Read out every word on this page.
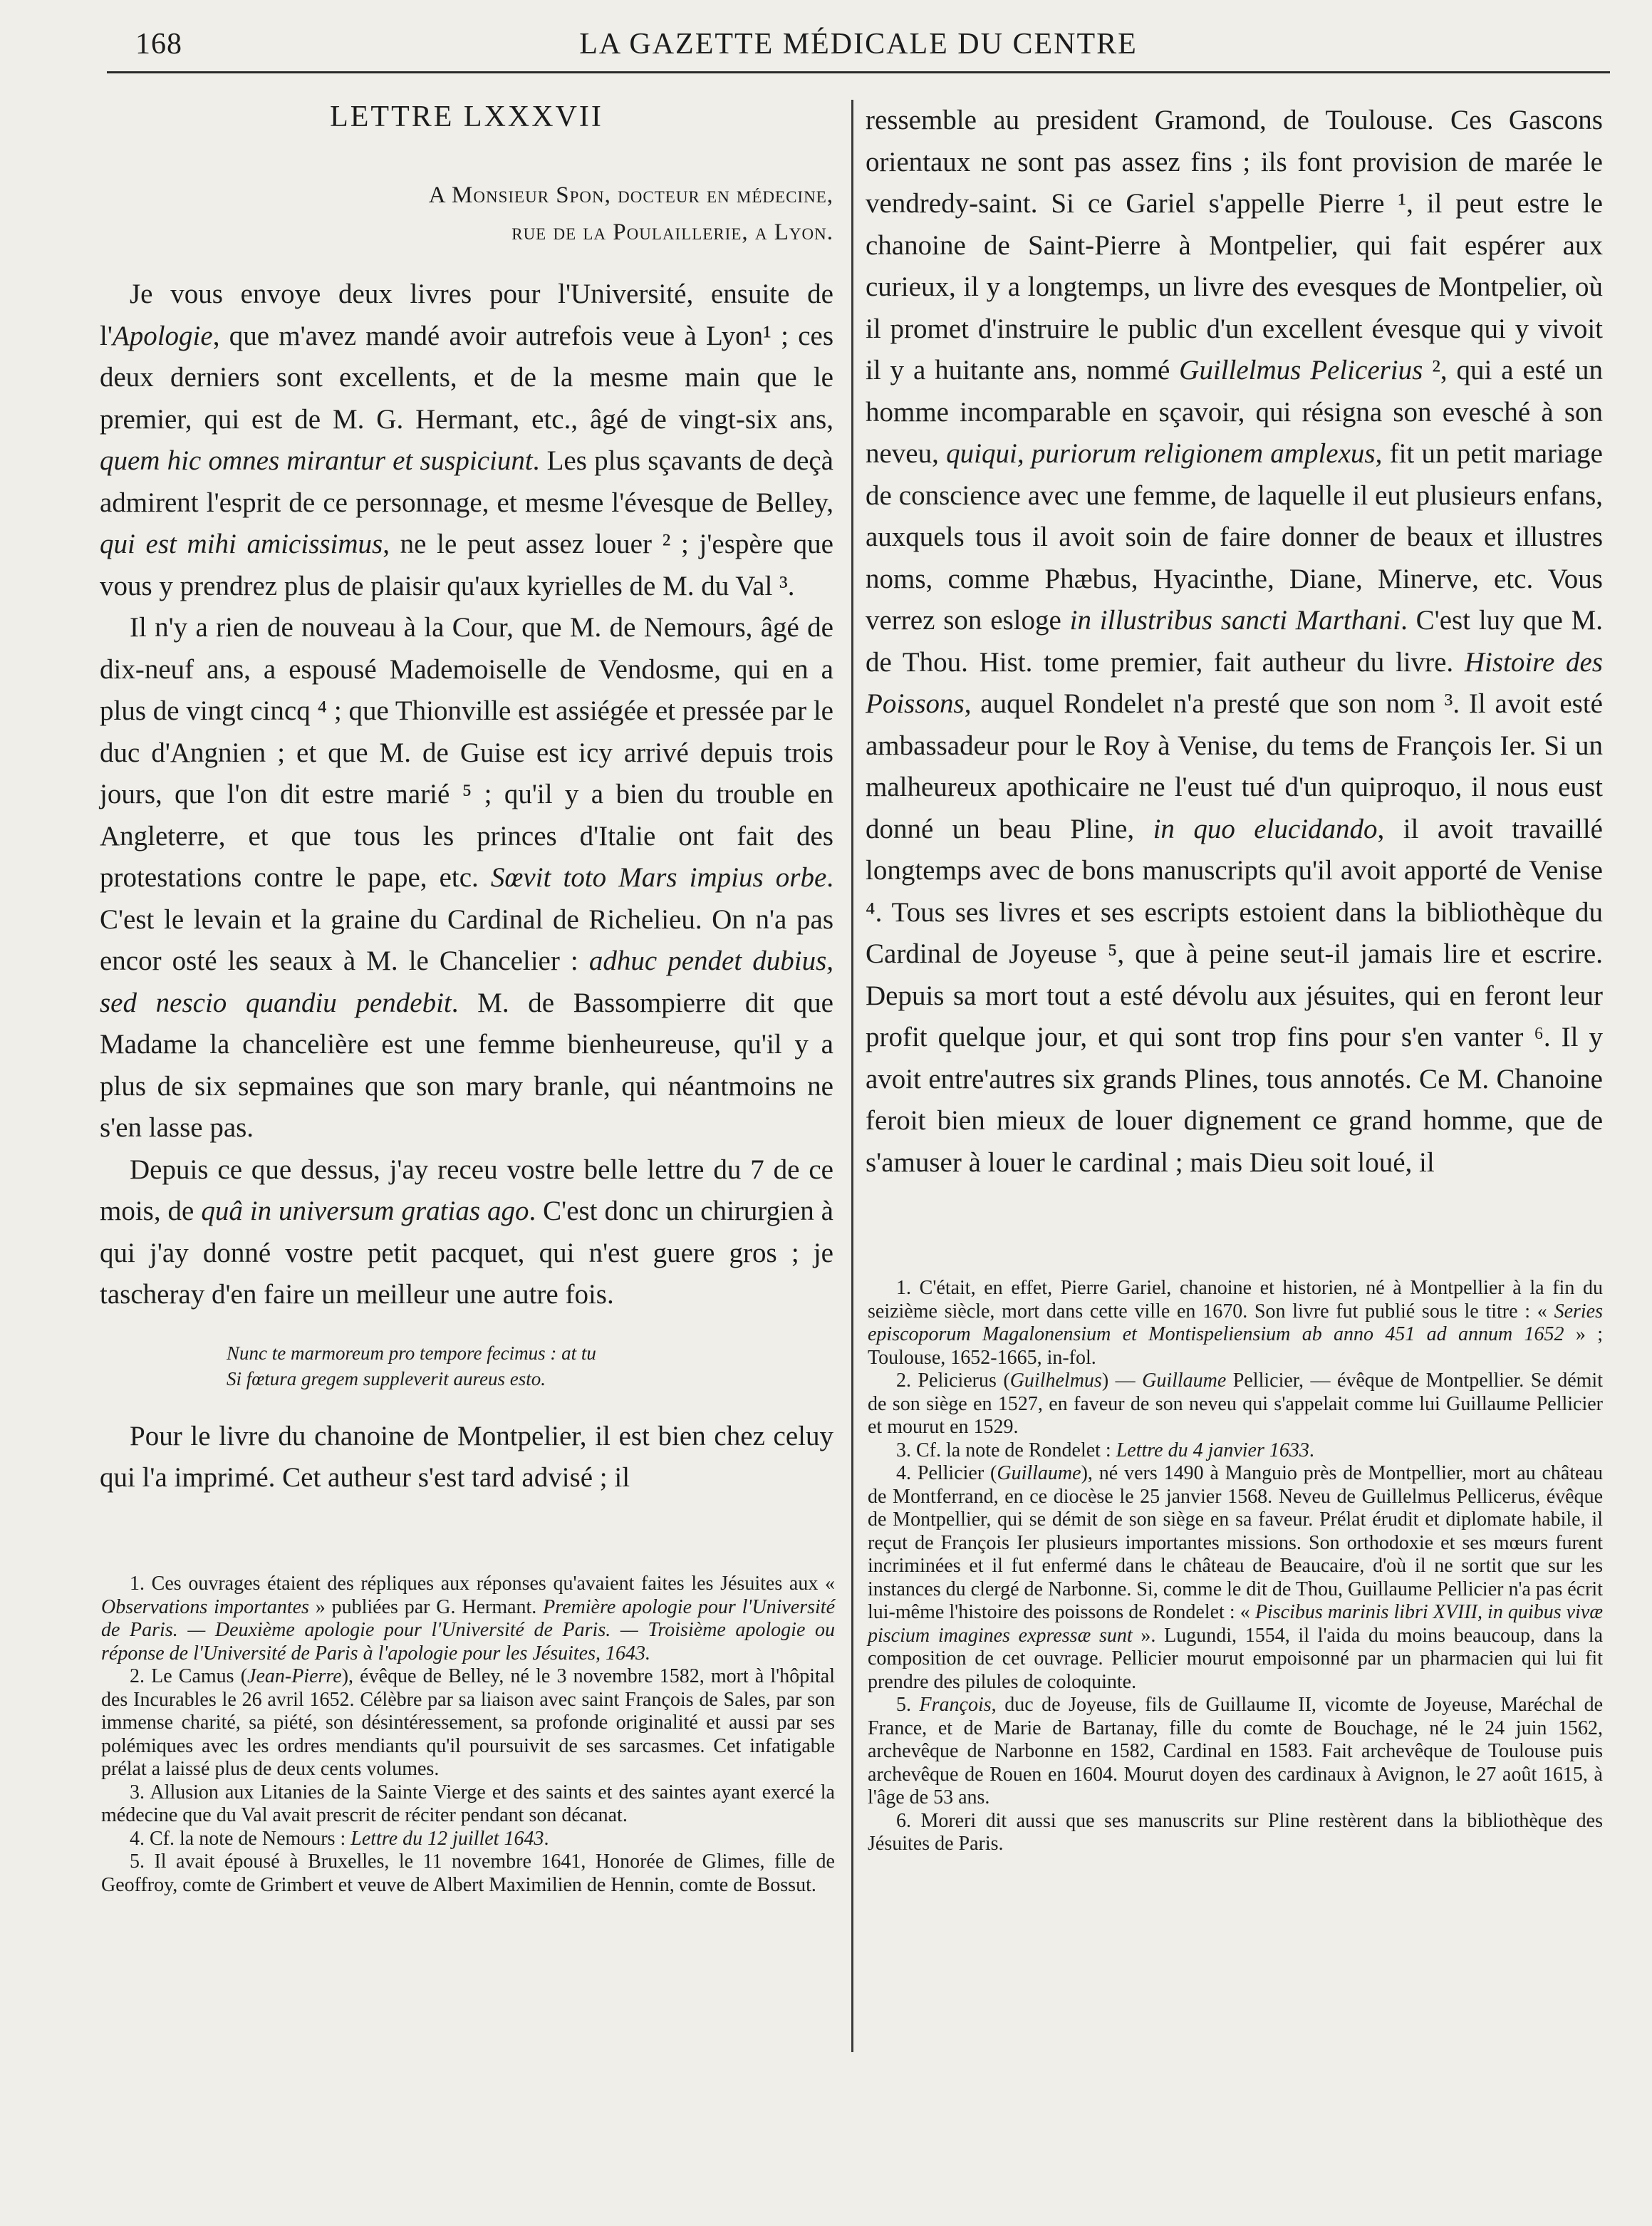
168	LA GAZETTE MÉDICALE DU CENTRE
LETTRE LXXXVII
A Monsieur Spon, docteur en médecine,
rue de la Poulaillerie, a Lyon.

Je vous envoye deux livres pour l'Université, ensuite de l'Apologie, que m'avez mandé avoir autrefois veue à Lyon¹ ; ces deux derniers sont excellents, et de la mesme main que le premier, qui est de M. G. Hermant, etc., âgé de vingt-six ans, quem hic omnes mirantur et suspiciunt. Les plus sçavants de deçà admirent l'esprit de ce personnage, et mesme l'évesque de Belley, qui est mihi amicissimus, ne le peut assez louer ² ; j'espère que vous y prendrez plus de plaisir qu'aux kyrielles de M. du Val ³.

Il n'y a rien de nouveau à la Cour, que M. de Nemours, âgé de dix-neuf ans, a espousé Mademoiselle de Vendosme, qui en a plus de vingt cincq ⁴ ; que Thionville est assiégée et pressée par le duc d'Angnien ; et que M. de Guise est icy arrivé depuis trois jours, que l'on dit estre marié ⁵ ; qu'il y a bien du trouble en Angleterre, et que tous les princes d'Italie ont fait des protestations contre le pape, etc. Sœvit toto Mars impius orbe. C'est le levain et la graine du Cardinal de Richelieu. On n'a pas encor osté les seaux à M. le Chancelier : adhuc pendet dubius, sed nescio quandiu pendebit. M. de Bassompierre dit que Madame la chancelière est une femme bienheureuse, qu'il y a plus de six sepmaines que son mary branle, qui néantmoins ne s'en lasse pas.

Depuis ce que dessus, j'ay receu vostre belle lettre du 7 de ce mois, de quâ in universum gratias ago. C'est donc un chirurgien à qui j'ay donné vostre petit pacquet, qui n'est guere gros ; je tascheray d'en faire un meilleur une autre fois.

Nunc te marmoreum pro tempore fecimus : at tu
Si fœtura gregem suppleverit aureus esto.

Pour le livre du chanoine de Montpelier, il est bien chez celuy qui l'a imprimé. Cet autheur s'est tard advisé ; il

ressemble au president Gramond, de Toulouse. Ces Gascons orientaux ne sont pas assez fins ; ils font provision de marée le vendredy-saint. Si ce Gariel s'appelle Pierre ¹, il peut estre le chanoine de Saint-Pierre à Montpelier, qui fait espérer aux curieux, il y a longtemps, un livre des evesques de Montpelier, où il promet d'instruire le public d'un excellent évesque qui y vivoit il y a huitante ans, nommé Guillelmus Pelicerius ², qui a esté un homme incomparable en sçavoir, qui résigna son evesché à son neveu, quiqui, puriorum religionem amplexus, fit un petit mariage de conscience avec une femme, de laquelle il eut plusieurs enfans, auxquels tous il avoit soin de faire donner de beaux et illustres noms, comme Phæbus, Hyacinthe, Diane, Minerve, etc. Vous verrez son esloge in illustribus sancti Marthani. C'est luy que M. de Thou. Hist. tome premier, fait autheur du livre. Histoire des Poissons, auquel Rondelet n'a presté que son nom ³. Il avoit esté ambassadeur pour le Roy à Venise, du tems de François Ier. Si un malheureux apothicaire ne l'eust tué d'un quiproquo, il nous eust donné un beau Pline, in quo elucidando, il avoit travaillé longtemps avec de bons manuscripts qu'il avoit apporté de Venise ⁴. Tous ses livres et ses escripts estoient dans la bibliothèque du Cardinal de Joyeuse ⁵, que à peine seut-il jamais lire et escrire. Depuis sa mort tout a esté dévolu aux jésuites, qui en feront leur profit quelque jour, et qui sont trop fins pour s'en vanter ⁶. Il y avoit entre'autres six grands Plines, tous annotés. Ce M. Chanoine feroit bien mieux de louer dignement ce grand homme, que de s'amuser à louer le cardinal ; mais Dieu soit loué, il

1. Ces ouvrages étaient des répliques aux réponses qu'avaient faites les Jésuites aux « Observations importantes » publiées par G. Hermant. Première apologie pour l'Université de Paris. — Deuxième apologie pour l'Université de Paris. — Troisième apologie ou réponse de l'Université de Paris à l'apologie pour les Jésuites, 1643.

2. Le Camus (Jean-Pierre), évêque de Belley, né le 3 novembre 1582, mort à l'hôpital des Incurables le 26 avril 1652. Célèbre par sa liaison avec saint François de Sales, par son immense charité, sa piété, son désintéressement, sa profonde originalité et aussi par ses polémiques avec les ordres mendiants qu'il poursuivit de ses sarcasmes. Cet infatigable prélat a laissé plus de deux cents volumes.

3. Allusion aux Litanies de la Sainte Vierge et des saints et des saintes ayant exercé la médecine que du Val avait prescrit de réciter pendant son décanat.

4. Cf. la note de Nemours : Lettre du 12 juillet 1643.

5. Il avait épousé à Bruxelles, le 11 novembre 1641, Honorée de Glimes, fille de Geoffroy, comte de Grimbert et veuve de Albert Maximilien de Hennin, comte de Bossut.

1. C'était, en effet, Pierre Gariel, chanoine et historien, né à Montpellier à la fin du seizième siècle, mort dans cette ville en 1670. Son livre fut publié sous le titre : « Series episcoporum Magalonensium et Montispeliensium ab anno 451 ad annum 1652 » ; Toulouse, 1652-1665, in-fol.

2. Pelicierus (Guilhelmus) — Guillaume Pellicier, — évêque de Montpellier. Se démit de son siège en 1527, en faveur de son neveu qui s'appelait comme lui Guillaume Pellicier et mourut en 1529.

3. Cf. la note de Rondelet : Lettre du 4 janvier 1633.

4. Pellicier (Guillaume), né vers 1490 à Manguio près de Montpellier, mort au château de Montferrand, en ce diocèse le 25 janvier 1568. Neveu de Guillelmus Pellicerus, évêque de Montpellier, qui se démit de son siège en sa faveur. Prélat érudit et diplomate habile, il reçut de François Ier plusieurs importantes missions. Son orthodoxie et ses mœurs furent incriminées et il fut enfermé dans le château de Beaucaire, d'où il ne sortit que sur les instances du clergé de Narbonne. Si, comme le dit de Thou, Guillaume Pellicier n'a pas écrit lui-même l'histoire des poissons de Rondelet : « Piscibus marinis libri XVIII, in quibus vivæ piscium imagines expressæ sunt ». Lugundi, 1554, il l'aida du moins beaucoup, dans la composition de cet ouvrage. Pellicier mourut empoisonné par un pharmacien qui lui fit prendre des pilules de coloquinte.

5. François, duc de Joyeuse, fils de Guillaume II, vicomte de Joyeuse, Maréchal de France, et de Marie de Bartanay, fille du comte de Bouchage, né le 24 juin 1562, archevêque de Narbonne en 1582, Cardinal en 1583. Fait archevêque de Toulouse puis archevêque de Rouen en 1604. Mourut doyen des cardinaux à Avignon, le 27 août 1615, à l'âge de 53 ans.

6. Moreri dit aussi que ses manuscrits sur Pline restèrent dans la bibliothèque des Jésuites de Paris.
